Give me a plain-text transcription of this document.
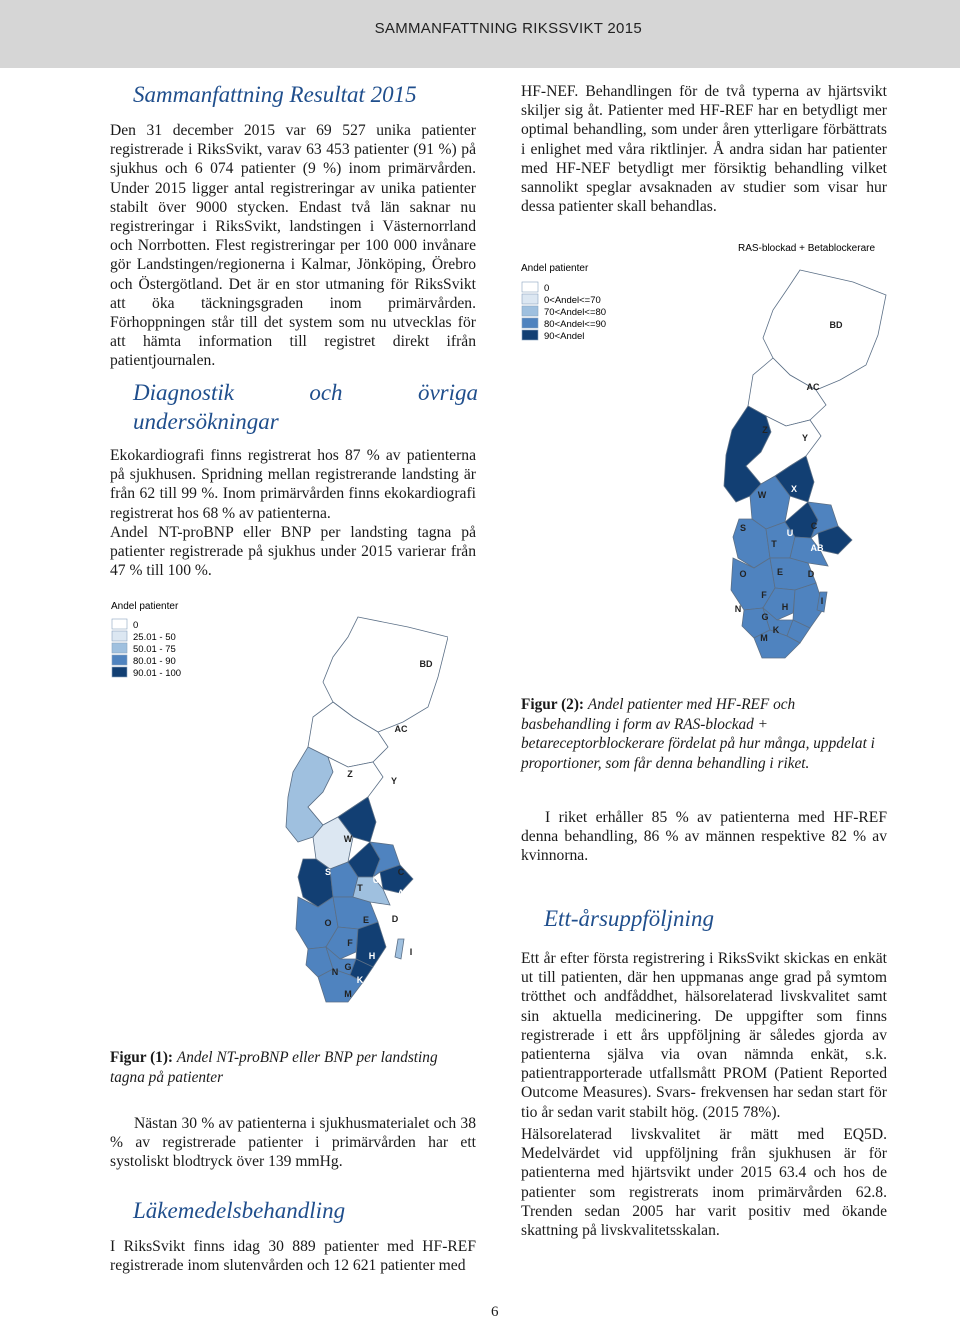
SAMMANFATTNING RIKSSVIKT 2015
Sammanfattning Resultat 2015

Den 31 december 2015 var 69 527 unika patienter registrerade i RiksSvikt, varav 63 453 patienter (91 %) på sjukhus och 6 074 patienter (9 %) inom primärvården. Under 2015 ligger antal registreringar av unika patienter stabilt över 9000 stycken. Endast två län saknar nu registreringar i RiksSvikt, landstingen i Västernorrland och Norrbotten. Flest registreringar per 100 000 invånare gör Landstingen/regionerna i Kalmar, Jönköping, Örebro och Östergötland. Det är en stor utmaning för RiksSvikt att öka täckningsgraden inom primärvården. Förhoppningen står till det system som nu utvecklas för att hämta information till registret direkt ifrån patientjournalen.

Diagnostik och övriga undersökningar

Ekokardiografi finns registrerat hos 87 % av patienterna på sjukhusen. Spridning mellan registrerande landsting är från 62 till 99 %. Inom primärvården finns ekokardiografi registrerat hos 68 % av patienterna.

Andel NT-proBNP eller BNP per landsting tagna på patienter registrerade på sjukhus under 2015 varierar från 47 % till 100 %.

Andel patienter
0
25.01 - 50
50.01 - 75
80.01 - 90
90.01 - 100
BD
AC
Z
Y
W	X
S
T
U
C
AB
O	E	D
F
H
N G
K
M
I

Figur (1): Andel NT-proBNP eller BNP per landsting tagna på patienter

Nästan 30 % av patienterna i sjukhusmaterialet och 38 % av registrerade patienter i primärvården har ett systoliskt blodtryck över 139 mmHg.

Läkemedelsbehandling

I RiksSvikt finns idag 30 889 patienter med HF-REF registrerade inom slutenvården och 12 621 patienter med

HF-NEF. Behandlingen för de två typerna av hjärtsvikt skiljer sig åt. Patienter med HF-REF har en betydligt mer optimal behandling, som under åren ytterligare förbättrats i enlighet med våra riktlinjer. Å andra sidan har patienter med HF-NEF betydligt mer försiktig behandling vilket sannolikt speglar avsaknaden av studier som visar hur dessa patienter skall behandlas.

RAS-blockad + Betablockerare
Andel patienter
0
0<Andel<=70
70<Andel<=80
80<Andel<=90
90<Andel
BD
AC
Z
Y
W
X
S
T
U
C
AB
O	E	D
F
H
N
G
K
M
I

Figur (2): Andel patienter med HF-REF och basbehandling i form av RAS-blockad + betareceptorblockerare fördelat på hur många, uppdelat i proportioner, som får denna behandling i riket.

I riket erhåller 85 % av patienterna med HF-REF denna behandling, 86 % av männen respektive 82 % av kvinnorna.

Ett-årsuppföljning

Ett år efter första registrering i RiksSvikt skickas en enkät ut till patienten, där hen uppmanas ange grad på symtom trötthet och andfåddhet, hälsorelaterad livskvalitet samt sin aktuella medicinering. De uppgifter som finns registrerade i ett års uppföljning är således gjorda av patienterna själva via ovan nämnda enkät, s.k. patientrapporterade utfallsmått PROM (Patient Reported Outcome Measures). Svars- frekvensen har sedan start för tio år sedan varit stabilt hög. (2015 78%).

Hälsorelaterad livskvalitet är mätt med EQ5D. Medelvärdet vid uppföljning från sjukhusen är för patienterna med hjärtsvikt under 2015 63.4 och hos de patienter som registrerats inom primärvården 62.8. Trenden sedan 2005 har varit positiv med ökande skattning på livskvalitetsskalan.

6
